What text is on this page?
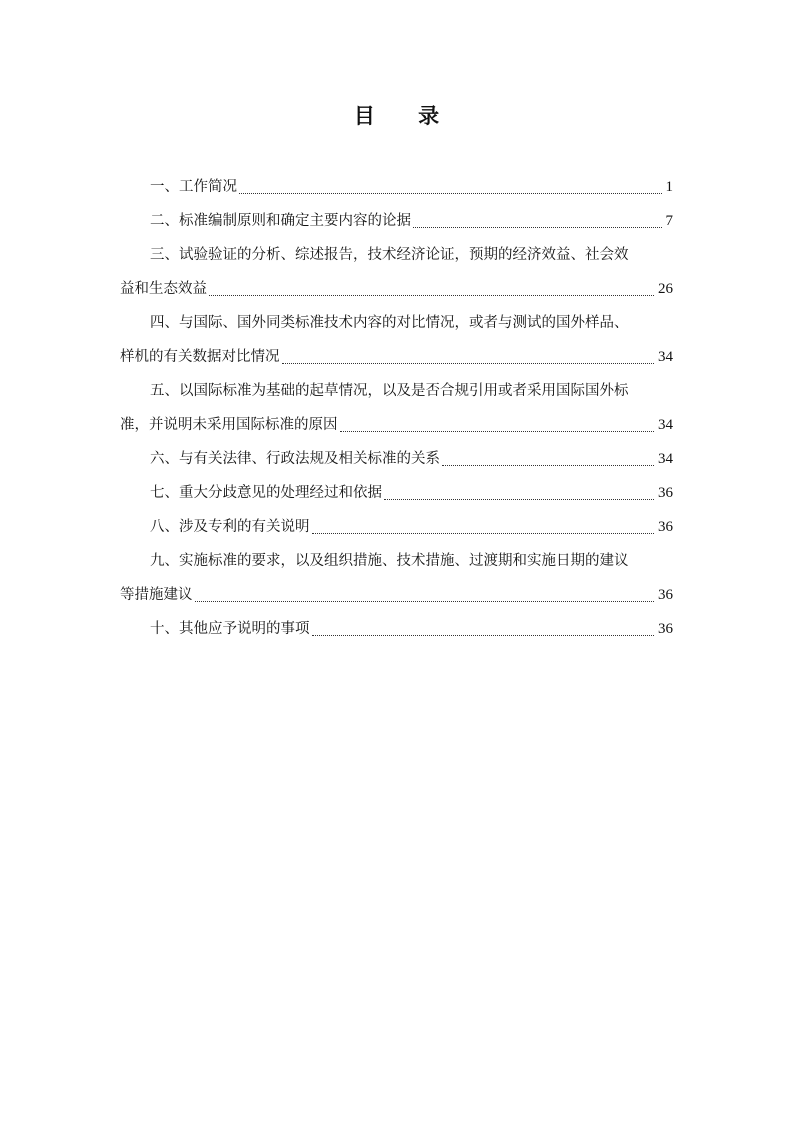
目 录
一、工作简况	1
二、标准编制原则和确定主要内容的论据	7
三、试验验证的分析、综述报告，技术经济论证，预期的经济效益、社会效
益和生态效益	26
四、与国际、国外同类标准技术内容的对比情况，或者与测试的国外样品、
样机的有关数据对比情况	34
五、以国际标准为基础的起草情况，以及是否合规引用或者采用国际国外标
准，并说明未采用国际标准的原因	34
六、与有关法律、行政法规及相关标准的关系	34
七、重大分歧意见的处理经过和依据	36
八、涉及专利的有关说明	36
九、实施标准的要求，以及组织措施、技术措施、过渡期和实施日期的建议
等措施建议	36
十、其他应予说明的事项	36
